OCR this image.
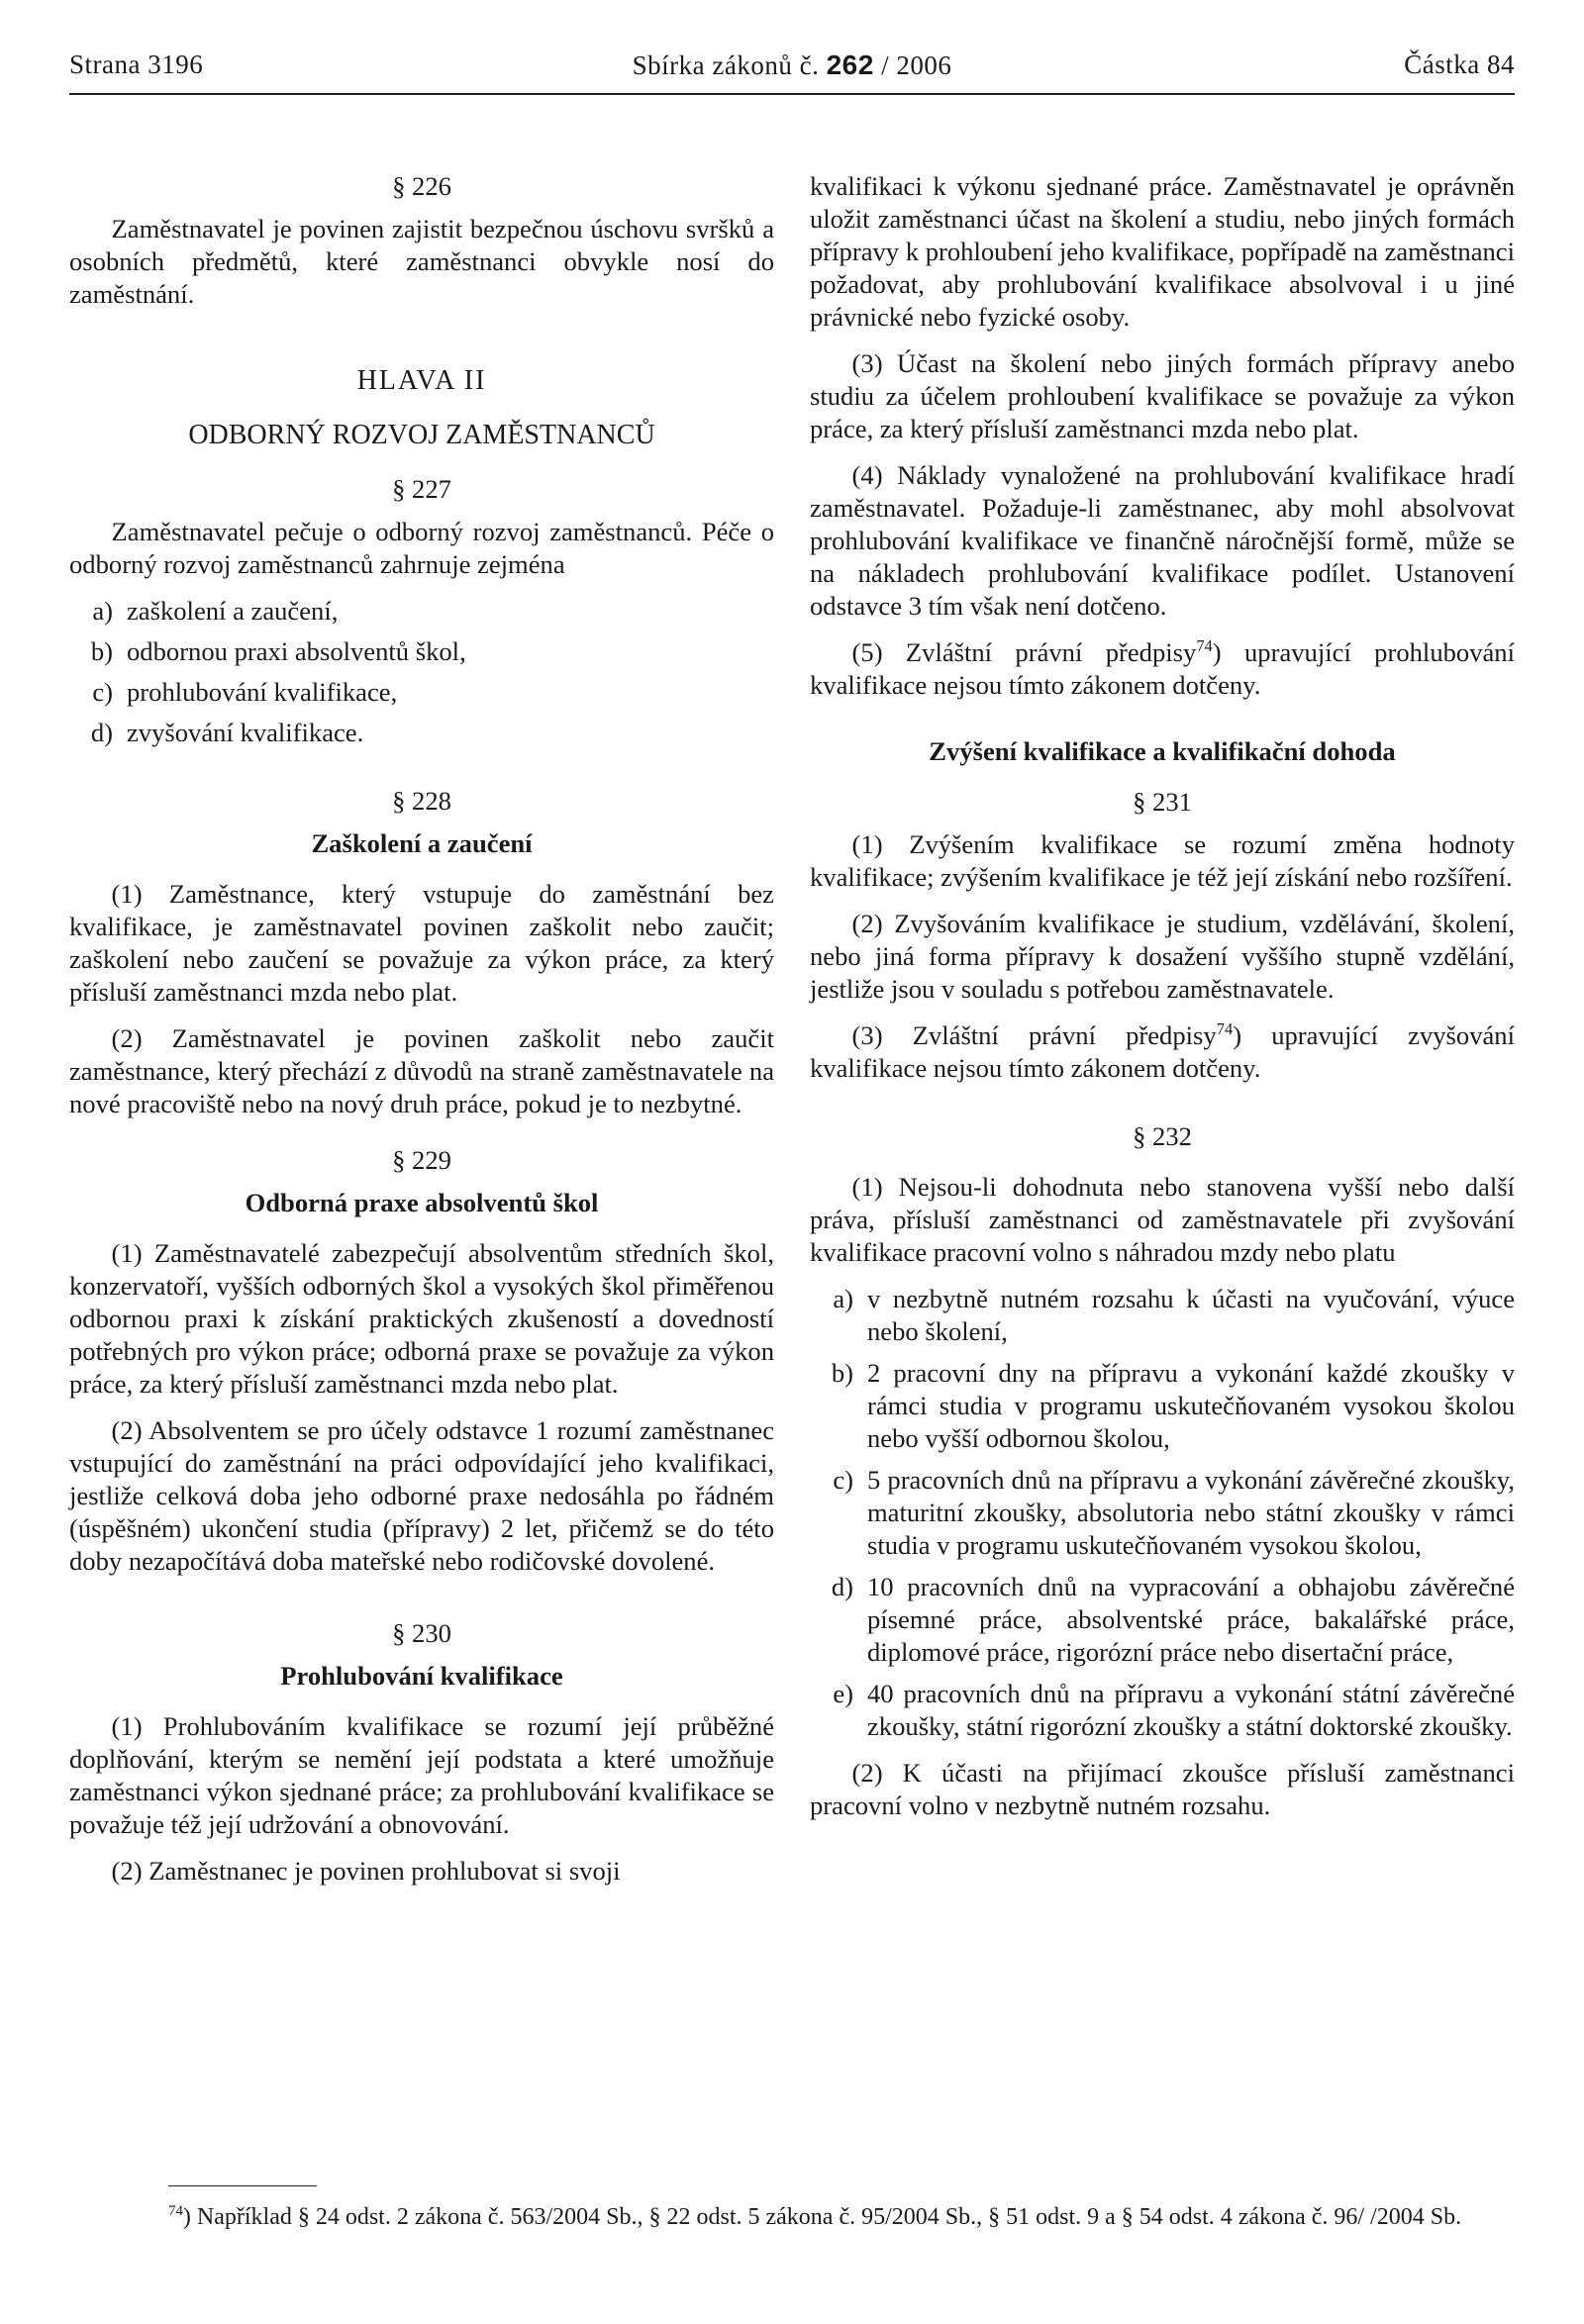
Strana 3196	Sbírka zákonů č. 262 / 2006	Částka 84
§ 226

Zaměstnavatel je povinen zajistit bezpečnou úschovu svršků a osobních předmětů, které zaměstnanci obvykle nosí do zaměstnání.

HLAVA II
ODBORNÝ ROZVOJ ZAMĚSTNANCŮ
§ 227

Zaměstnavatel pečuje o odborný rozvoj zaměstnanců. Péče o odborný rozvoj zaměstnanců zahrnuje zejména

a) zaškolení a zaučení,
b) odbornou praxi absolventů škol,
c) prohlubování kvalifikace,
d) zvyšování kvalifikace.
§ 228
Zaškolení a zaučení

(1) Zaměstnance, který vstupuje do zaměstnání bez kvalifikace, je zaměstnavatel povinen zaškolit nebo zaučit; zaškolení nebo zaučení se považuje za výkon práce, za který přísluší zaměstnanci mzda nebo plat.

(2) Zaměstnavatel je povinen zaškolit nebo zaučit zaměstnance, který přechází z důvodů na straně zaměstnavatele na nové pracoviště nebo na nový druh práce, pokud je to nezbytné.

§ 229
Odborná praxe absolventů škol

(1) Zaměstnavatelé zabezpečují absolventům středních škol, konzervatoří, vyšších odborných škol a vysokých škol přiměřenou odbornou praxi k získání praktických zkušeností a dovedností potřebných pro výkon práce; odborná praxe se považuje za výkon práce, za který přísluší zaměstnanci mzda nebo plat.

(2) Absolventem se pro účely odstavce 1 rozumí zaměstnanec vstupující do zaměstnání na práci odpovídající jeho kvalifikaci, jestliže celková doba jeho odborné praxe nedosáhla po řádném (úspěšném) ukončení studia (přípravy) 2 let, přičemž se do této doby nezapočítává doba mateřské nebo rodičovské dovolené.

§ 230
Prohlubování kvalifikace

(1) Prohlubováním kvalifikace se rozumí její průběžné doplňování, kterým se nemění její podstata a které umožňuje zaměstnanci výkon sjednané práce; za prohlubování kvalifikace se považuje též její udržování a obnovování.

(2) Zaměstnanec je povinen prohlubovat si svoji

kvalifikaci k výkonu sjednané práce. Zaměstnavatel je oprávněn uložit zaměstnanci účast na školení a studiu, nebo jiných formách přípravy k prohloubení jeho kvalifikace, popřípadě na zaměstnanci požadovat, aby prohlubování kvalifikace absolvoval i u jiné právnické nebo fyzické osoby.

(3) Účast na školení nebo jiných formách přípravy anebo studiu za účelem prohloubení kvalifikace se považuje za výkon práce, za který přísluší zaměstnanci mzda nebo plat.

(4) Náklady vynaložené na prohlubování kvalifikace hradí zaměstnavatel. Požaduje-li zaměstnanec, aby mohl absolvovat prohlubování kvalifikace ve finančně náročnější formě, může se na nákladech prohlubování kvalifikace podílet. Ustanovení odstavce 3 tím však není dotčeno.

(5) Zvláštní právní předpisy$^{74}$) upravující prohlubování kvalifikace nejsou tímto zákonem dotčeny.

Zvýšení kvalifikace a kvalifikační dohoda
§ 231

(1) Zvýšením kvalifikace se rozumí změna hodnoty kvalifikace; zvýšením kvalifikace je též její získání nebo rozšíření.

(2) Zvyšováním kvalifikace je studium, vzdělávání, školení, nebo jiná forma přípravy k dosažení vyššího stupně vzdělání, jestliže jsou v souladu s potřebou zaměstnavatele.

(3) Zvláštní právní předpisy$^{74}$) upravující zvyšování kvalifikace nejsou tímto zákonem dotčeny.

§ 232

(1) Nejsou-li dohodnuta nebo stanovena vyšší nebo další práva, přísluší zaměstnanci od zaměstnavatele při zvyšování kvalifikace pracovní volno s náhradou mzdy nebo platu

a) v nezbytně nutném rozsahu k účasti na vyučování, výuce nebo školení,
b) 2 pracovní dny na přípravu a vykonání každé zkoušky v rámci studia v programu uskutečňovaném vysokou školou nebo vyšší odbornou školou,
c) 5 pracovních dnů na přípravu a vykonání závěrečné zkoušky, maturitní zkoušky, absolutoria nebo státní zkoušky v rámci studia v programu uskutečňovaném vysokou školou,
d) 10 pracovních dnů na vypracování a obhajobu závěrečné písemné práce, absolventské práce, bakalářské práce, diplomové práce, rigorózní práce nebo disertační práce,
e) 40 pracovních dnů na přípravu a vykonání státní závěrečné zkoušky, státní rigorózní zkoušky a státní doktorské zkoušky.

(2) K účasti na přijímací zkoušce přísluší zaměstnanci pracovní volno v nezbytně nutném rozsahu.

$^{74}$) Například § 24 odst. 2 zákona č. 563/2004 Sb., § 22 odst. 5 zákona č. 95/2004 Sb., § 51 odst. 9 a § 54 odst. 4 zákona č. 96/ /2004 Sb.
